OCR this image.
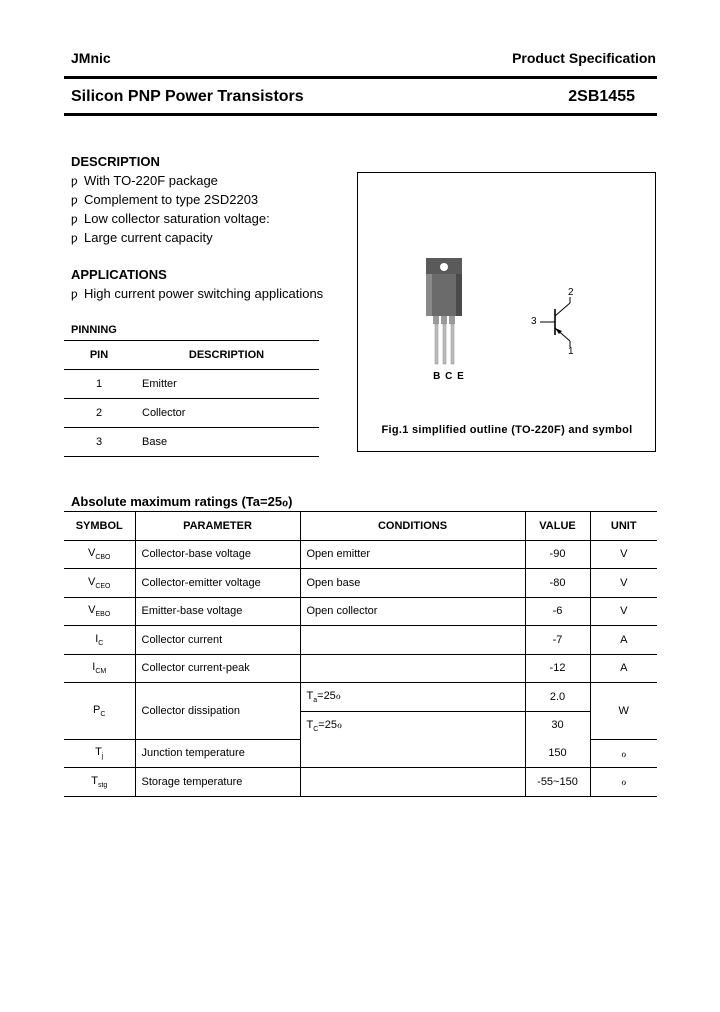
JMnic	Product Specification
Silicon PNP Power Transistors	2SB1455
DESCRIPTION
ƿ With TO-220F package
ƿ Complement to type 2SD2203
ƿ Low collector saturation voltage:
ƿ Large current capacity
APPLICATIONS
ƿ High current power switching applications
PINNING
PIN	DESCRIPTION
1	Emitter
2	Collector
3	Base
B C E
2
3
1
Fig.1 simplified outline (TO-220F) and symbol
Absolute maximum ratings (Ta=25ℴ)
SYMBOL	PARAMETER	CONDITIONS	VALUE	UNIT
$V_{CBO}$	Collector-base voltage	Open emitter	-90	V
$V_{CEO}$	Collector-emitter voltage	Open base	-80	V
$V_{EBO}$	Emitter-base voltage	Open collector	-6	V
$I_C$	Collector current		-7	A
$I_{CM}$	Collector current-peak		-12	A
$P_C$	Collector dissipation	$T_a=25ℴ$	2.0	W
		$T_C=25ℴ$	30	
$T_j$	Junction temperature		150	ℴ
$T_{stg}$	Storage temperature		-55~150	ℴ
